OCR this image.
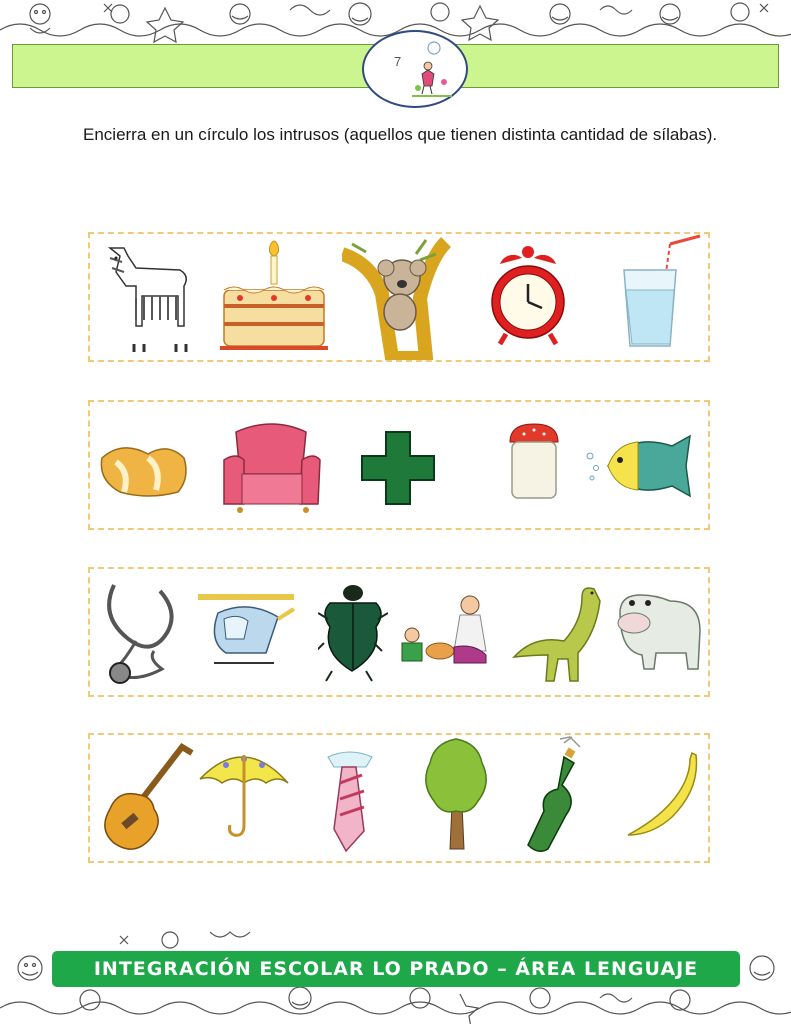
7

Encierra en un círculo los intrusos (aquellos que tienen distinta cantidad de sílabas).

INTEGRACIÓN ESCOLAR LO PRADO – ÁREA LENGUAJE
